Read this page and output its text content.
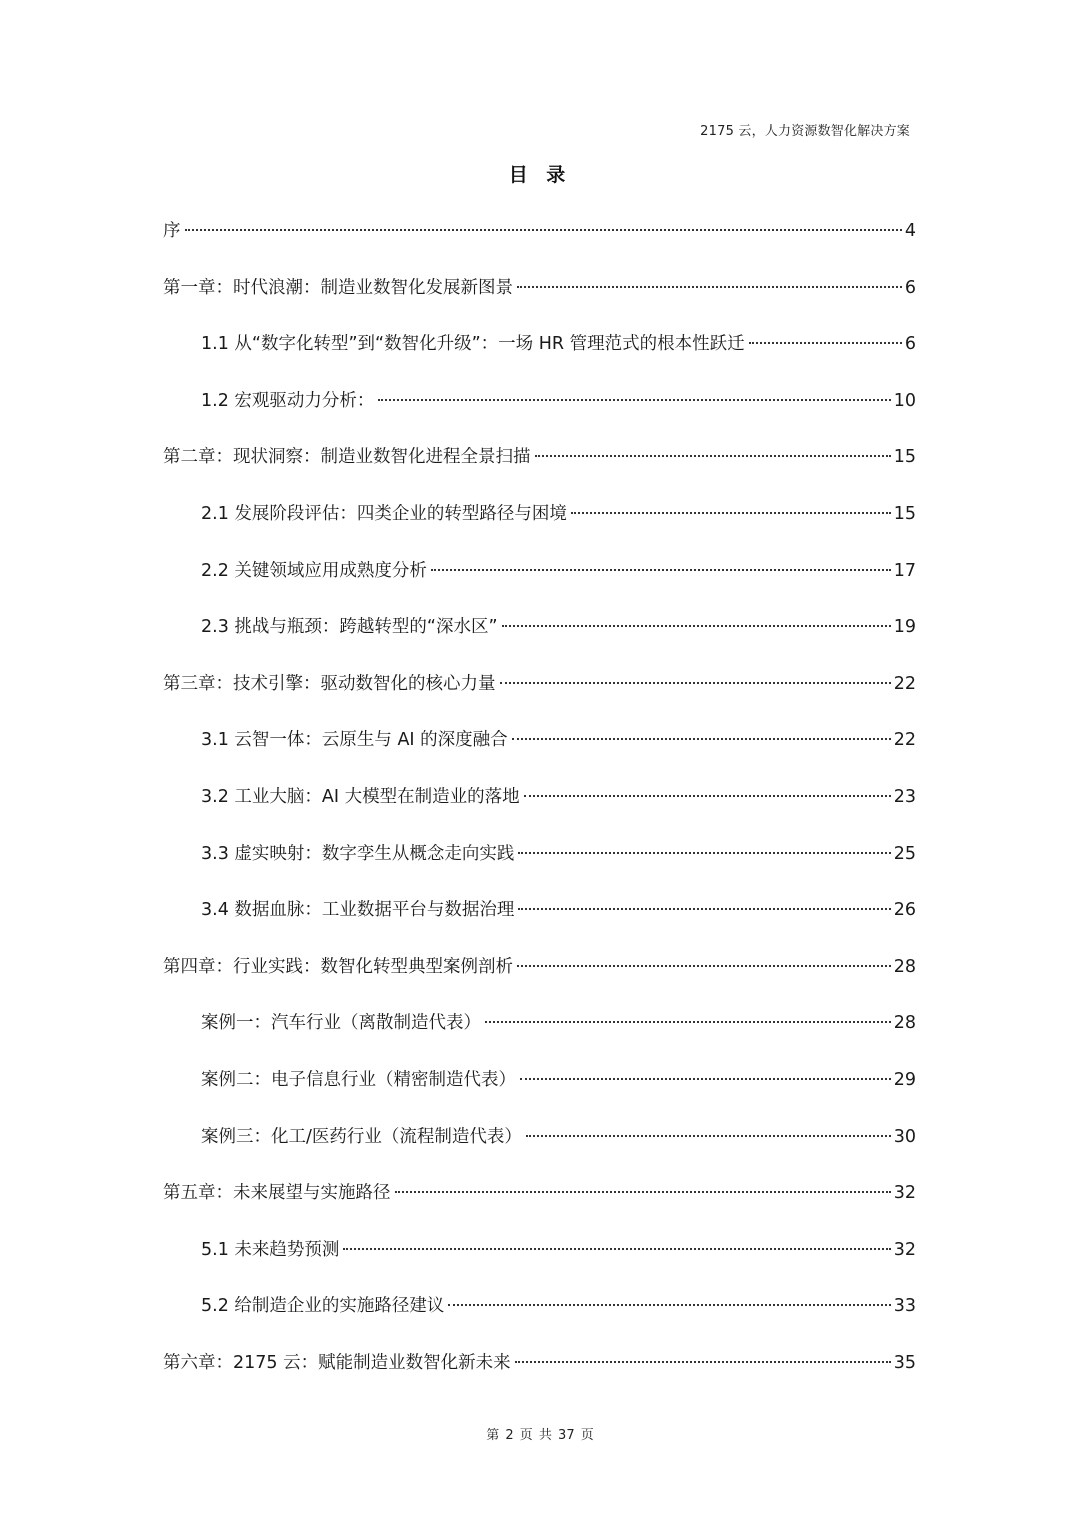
2175 云，人力资源数智化解决方案
目 录
序	4
第一章：时代浪潮：制造业数智化发展新图景	6
1.1 从“数字化转型”到“数智化升级”：一场 HR 管理范式的根本性跃迁	6
1.2 宏观驱动力分析：	10
第二章：现状洞察：制造业数智化进程全景扫描	15
2.1 发展阶段评估：四类企业的转型路径与困境	15
2.2 关键领域应用成熟度分析	17
2.3 挑战与瓶颈：跨越转型的“深水区”	19
第三章：技术引擎：驱动数智化的核心力量	22
3.1 云智一体：云原生与 AI 的深度融合	22
3.2 工业大脑：AI 大模型在制造业的落地	23
3.3 虚实映射：数字孪生从概念走向实践	25
3.4 数据血脉：工业数据平台与数据治理	26
第四章：行业实践：数智化转型典型案例剖析	28
案例一：汽车行业（离散制造代表）	28
案例二：电子信息行业（精密制造代表）	29
案例三：化工/医药行业（流程制造代表）	30
第五章：未来展望与实施路径	32
5.1 未来趋势预测	32
5.2 给制造企业的实施路径建议	33
第六章：2175 云：赋能制造业数智化新未来	35
第 2 页 共 37 页
